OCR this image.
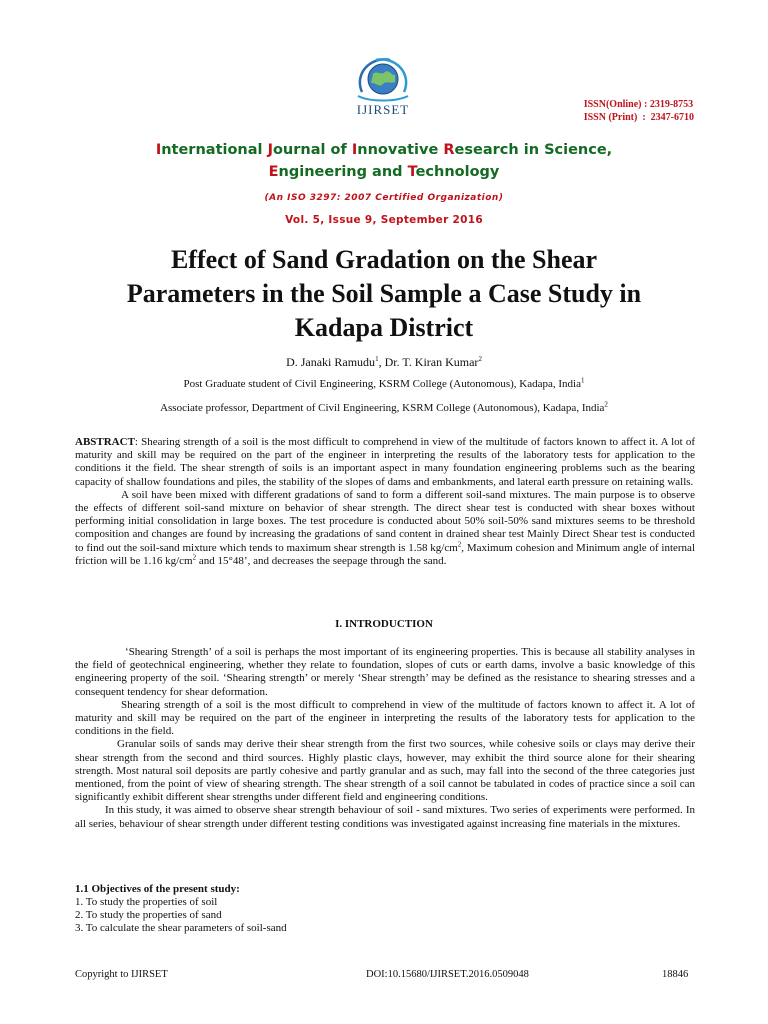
IJIRSET	ISSN(Online) : 2319-8753
ISSN (Print)  :  2347-6710
International Journal of Innovative Research in Science,
Engineering and Technology
(An ISO 3297: 2007 Certified Organization)
Vol. 5, Issue 9, September 2016
Effect of Sand Gradation on the Shear
Parameters in the Soil Sample a Case Study in
Kadapa District
D. Janaki Ramudu$^1$, Dr. T. Kiran Kumar$^2$
Post Graduate student of Civil Engineering, KSRM College (Autonomous), Kadapa, India$^1$
Associate professor, Department of Civil Engineering, KSRM College (Autonomous), Kadapa, India$^2$

ABSTRACT: Shearing strength of a soil is the most difficult to comprehend in view of the multitude of factors known to affect it. A lot of maturity and skill may be required on the part of the engineer in interpreting the results of the laboratory tests for application to the conditions it the field. The shear strength of soils is an important aspect in many foundation engineering problems such as the bearing capacity of shallow foundations and piles, the stability of the slopes of dams and embankments, and lateral earth pressure on retaining walls.

A soil have been mixed with different gradations of sand to form a different soil-sand mixtures. The main purpose is to observe the effects of different soil-sand mixture on behavior of shear strength. The direct shear test is conducted with shear boxes without performing initial consolidation in large boxes. The test procedure is conducted about 50% soil-50% sand mixtures seems to be threshold composition and changes are found by increasing the gradations of sand content in drained shear test Mainly Direct Shear test is conducted to find out the soil-sand mixture which tends to maximum shear strength is 1.58 $kg/cm^2$, Maximum cohesion and Minimum angle of internal friction will be 1.16 $kg/cm^2$ and 15°48’, and decreases the seepage through the sand.

I. INTRODUCTION

‘Shearing Strength’ of a soil is perhaps the most important of its engineering properties. This is because all stability analyses in the field of geotechnical engineering, whether they relate to foundation, slopes of cuts or earth dams, involve a basic knowledge of this engineering property of the soil. ‘Shearing strength’ or merely ‘Shear strength’ may be defined as the resistance to shearing stresses and a consequent tendency for shear deformation.

Shearing strength of a soil is the most difficult to comprehend in view of the multitude of factors known to affect it. A lot of maturity and skill may be required on the part of the engineer in interpreting the results of the laboratory tests for application to the conditions in the field.

Granular soils of sands may derive their shear strength from the first two sources, while cohesive soils or clays may derive their shear strength from the second and third sources. Highly plastic clays, however, may exhibit the third source alone for their shearing strength. Most natural soil deposits are partly cohesive and partly granular and as such, may fall into the second of the three categories just mentioned, from the point of view of shearing strength. The shear strength of a soil cannot be tabulated in codes of practice since a soil can significantly exhibit different shear strengths under different field and engineering conditions.

In this study, it was aimed to observe shear strength behaviour of soil - sand mixtures. Two series of experiments were performed. In all series, behaviour of shear strength under different testing conditions was investigated against increasing fine materials in the mixtures.

1.1 Objectives of the present study:
1. To study the properties of soil
2. To study the properties of sand
3. To calculate the shear parameters of soil-sand
Copyright to IJIRSET	DOI:10.15680/IJIRSET.2016.0509048	18846
